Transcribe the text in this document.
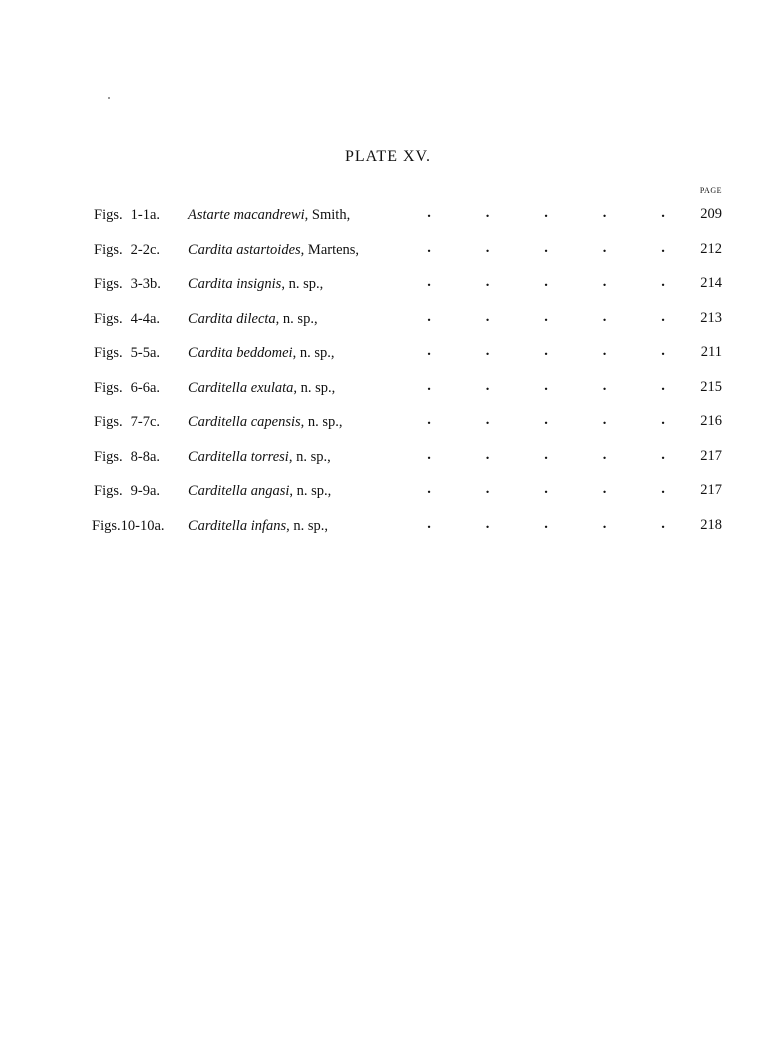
PLATE XV.
PAGE
Figs. 1-1a. Astarte macandrewi, Smith,	.	.	.	.	.	209
Figs. 2-2c. Cardita astartoides, Martens,	.	.	.	.	.	212
Figs. 3-3b. Cardita insignis, n. sp.,	.	.	.	.	.	214
Figs. 4-4a. Cardita dilecta, n. sp.,	.	.	.	.	.	213
Figs. 5-5a. Cardita beddomei, n. sp.,	.	.	.	.	.	211
Figs. 6-6a. Carditella exulata, n. sp.,	.	.	.	.	.	215
Figs. 7-7c. Carditella capensis, n. sp.,	.	.	.	.	.	216
Figs. 8-8a. Carditella torresi, n. sp.,	.	.	.	.	.	217
Figs. 9-9a. Carditella angasi, n. sp.,	.	.	.	.	.	217
Figs.10-10a. Carditella infans, n. sp.,	.	.	.	.	.	218
